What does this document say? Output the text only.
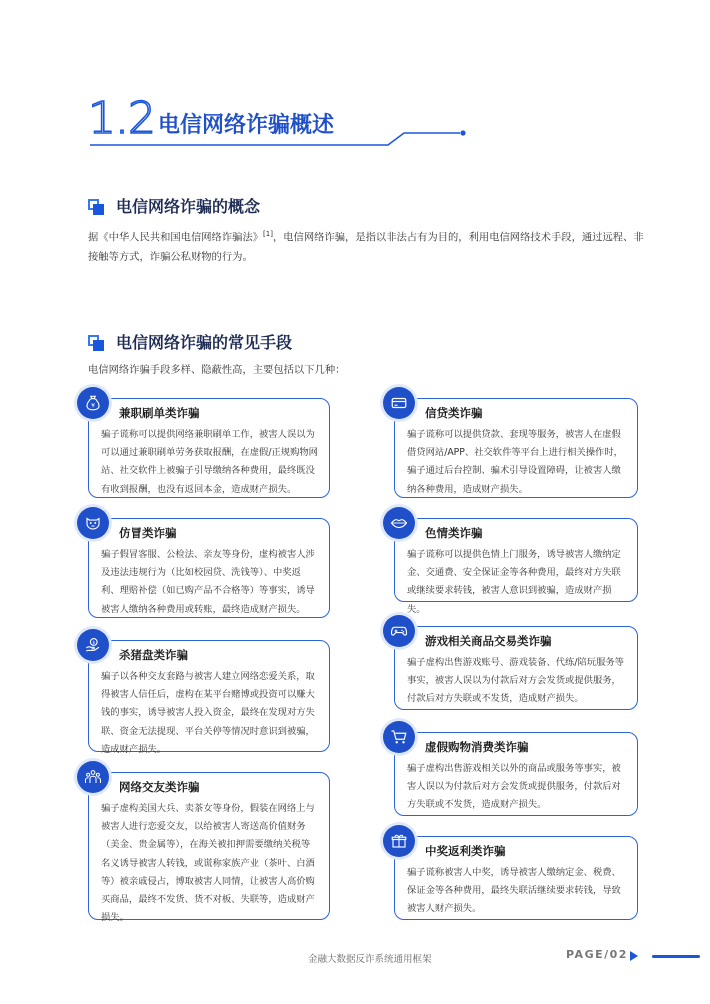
1.2 电信网络诈骗概述
电信网络诈骗的概念

据《中华人民共和国电信网络诈骗法》[1]，电信网络诈骗，是指以非法占有为目的，利用电信网络技术手段，通过远程、非接触等方式，诈骗公私财物的行为。

电信网络诈骗的常见手段

电信网络诈骗手段多样、隐蔽性高，主要包括以下几种：

¥ 兼职刷单类诈骗
骗子谎称可以提供网络兼职刷单工作，被害人误以为可以通过兼职刷单劳务获取报酬，在虚假/正规购物网站、社交软件上被骗子引导缴纳各种费用，最终既没有收到报酬，也没有返回本金，造成财产损失。
信贷类诈骗
骗子谎称可以提供贷款、套现等服务，被害人在虚假借贷网站/APP、社交软件等平台上进行相关操作时，骗子通过后台控制、骗术引导设置障碍，让被害人缴纳各种费用，造成财产损失。
仿冒类诈骗
骗子假冒客服、公检法、亲友等身份，虚构被害人涉及违法违规行为（比如校园贷、洗钱等）、中奖返利、理赔补偿（如已购产品不合格等）等事实，诱导被害人缴纳各种费用或转账，最终造成财产损失。
色情类诈骗
骗子谎称可以提供色情上门服务，诱导被害人缴纳定金、交通费、安全保证金等各种费用，最终对方失联或继续要求转钱，被害人意识到被骗，造成财产损失。
$
杀猪盘类诈骗
骗子以各种交友套路与被害人建立网络恋爱关系，取得被害人信任后，虚构在某平台赌博或投资可以赚大钱的事实，诱导被害人投入资金，最终在发现对方失联、资金无法提现、平台关停等情况时意识到被骗，造成财产损失。
游戏相关商品交易类诈骗
骗子虚构出售游戏账号、游戏装备、代练/陪玩服务等事实，被害人误以为付款后对方会发货或提供服务，付款后对方失联或不发货，造成财产损失。
虚假购物消费类诈骗
骗子虚构出售游戏相关以外的商品或服务等事实，被害人误以为付款后对方会发货或提供服务，付款后对方失联或不发货，造成财产损失。
网络交友类诈骗
骗子虚构美国大兵、卖茶女等身份，假装在网络上与被害人进行恋爱交友，以给被害人寄送高价值财务（美金、贵金属等），在海关被扣押需要缴纳关税等名义诱导被害人转钱，或谎称家族产业（茶叶、白酒等）被亲戚侵占，博取被害人同情，让被害人高价购买商品，最终不发货、货不对板、失联等，造成财产损失。
中奖返利类诈骗
骗子谎称被害人中奖，诱导被害人缴纳定金、税费、保证金等各种费用，最终失联活继续要求转钱，导致被害人财产损失。
金融大数据反诈系统通用框架	PAGE/02
